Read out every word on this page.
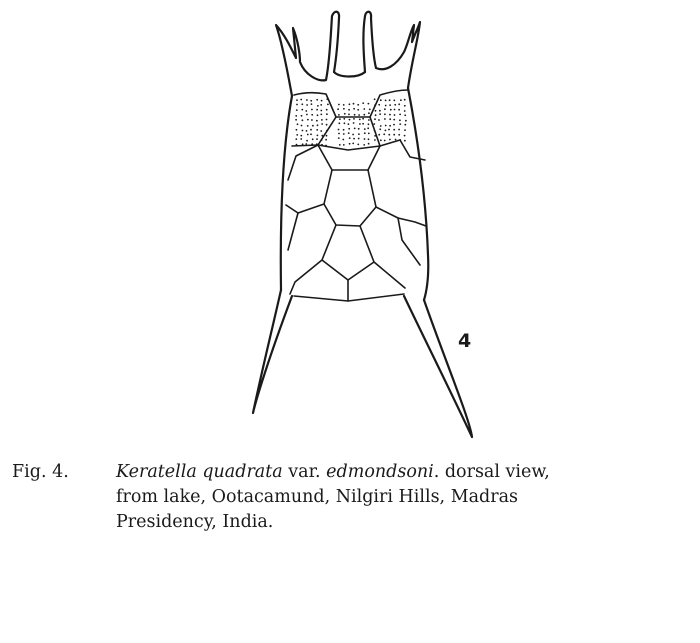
4
Fig. 4.	Keratella quadrata var. edmondsoni. dorsal view,
from lake, Ootacamund, Nilgiri Hills, Madras
Presidency, India.
